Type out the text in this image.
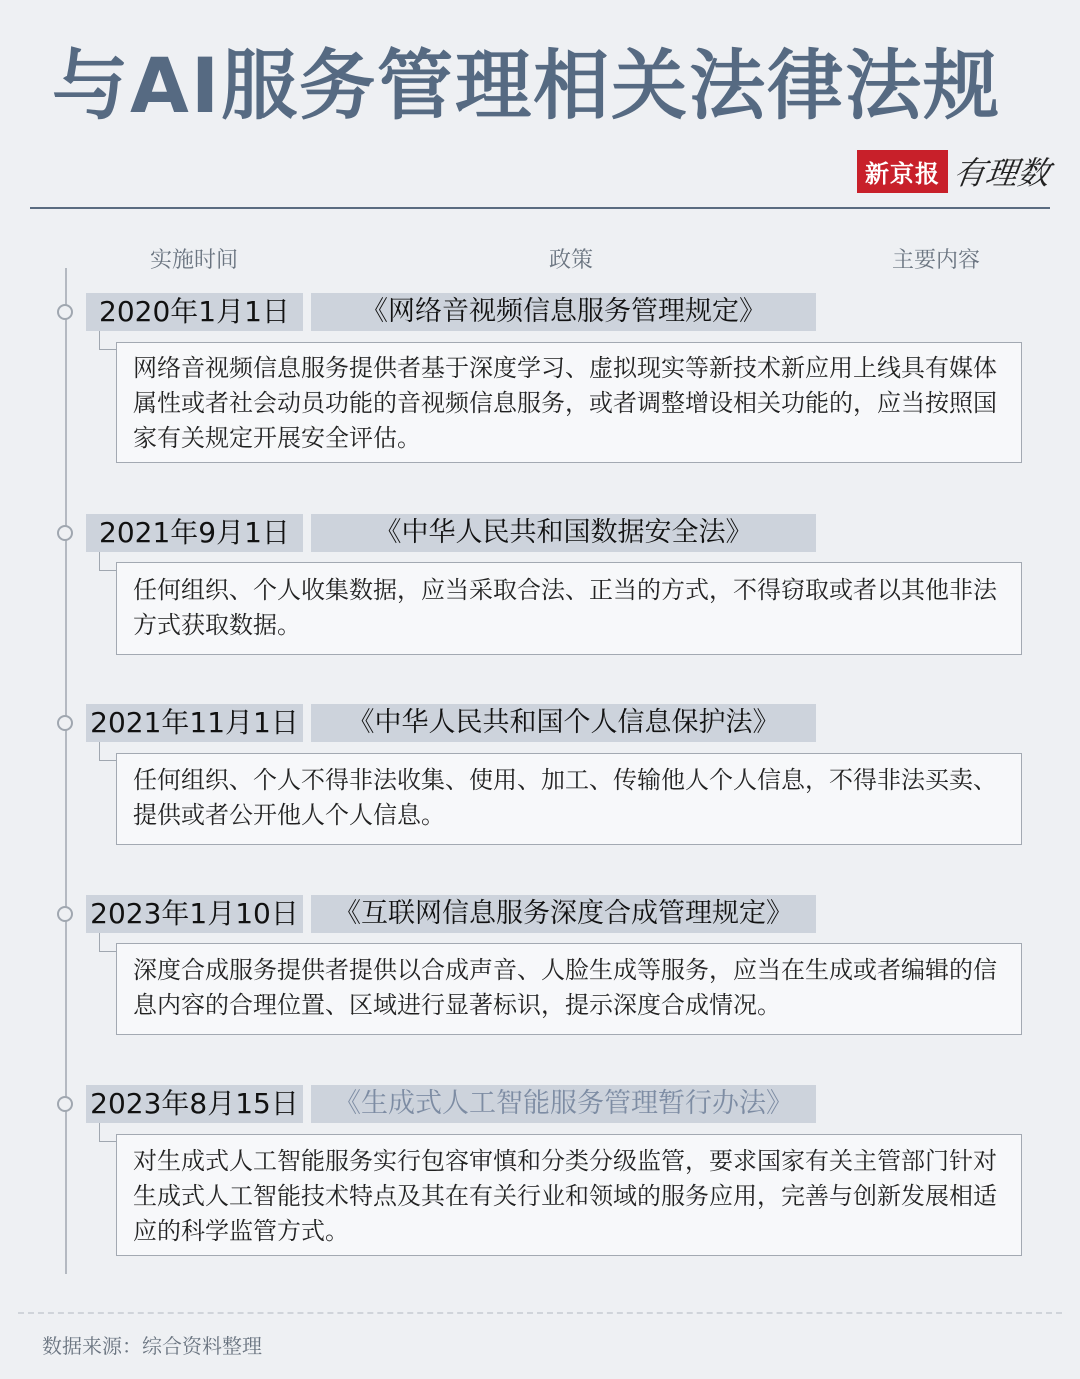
与AI服务管理相关法律法规
新京报 有理数
实施时间	政策	主要内容
2020年1月1日	《网络音视频信息服务管理规定》
网络音视频信息服务提供者基于深度学习、虚拟现实等新技术新应用上线具有媒体属性或者社会动员功能的音视频信息服务，或者调整增设相关功能的，应当按照国家有关规定开展安全评估。
2021年9月1日	《中华人民共和国数据安全法》
任何组织、个人收集数据，应当采取合法、正当的方式，不得窃取或者以其他非法方式获取数据。
2021年11月1日	《中华人民共和国个人信息保护法》
任何组织、个人不得非法收集、使用、加工、传输他人个人信息，不得非法买卖、提供或者公开他人个人信息。
2023年1月10日	《互联网信息服务深度合成管理规定》
深度合成服务提供者提供以合成声音、人脸生成等服务，应当在生成或者编辑的信息内容的合理位置、区域进行显著标识，提示深度合成情况。
2023年8月15日	《生成式人工智能服务管理暂行办法》
对生成式人工智能服务实行包容审慎和分类分级监管，要求国家有关主管部门针对生成式人工智能技术特点及其在有关行业和领域的服务应用，完善与创新发展相适应的科学监管方式。
数据来源：综合资料整理
